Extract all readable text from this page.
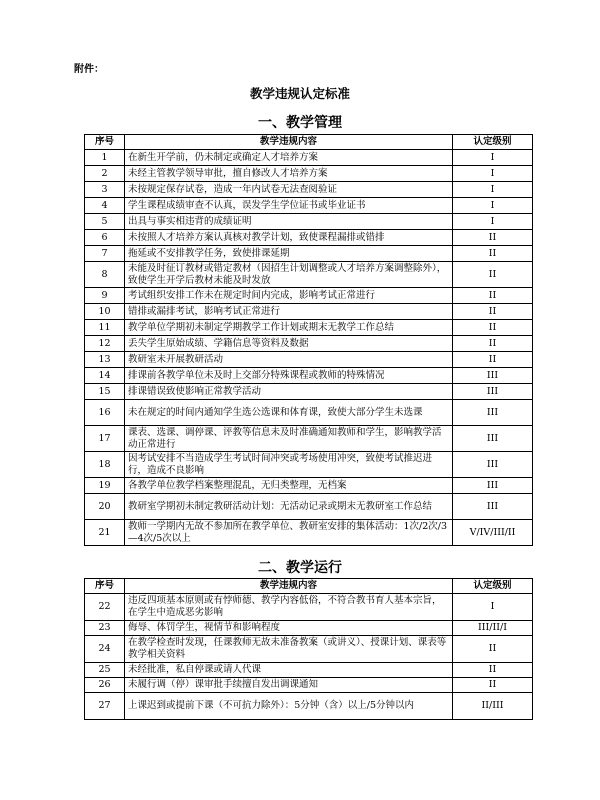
附件：
教学违规认定标准
一、教学管理
序号	教学违规内容	认定级别
1	在新生开学前，仍未制定或确定人才培养方案	I
2	未经主管教学领导审批，擅自修改人才培养方案	I
3	未按规定保存试卷，造成一年内试卷无法查阅验证	I
4	学生课程成绩审查不认真，误发学生学位证书或毕业证书	I
5	出具与事实相违背的成绩证明	I
6	未按照人才培养方案认真核对教学计划，致使课程漏排或错排	II
7	拖延或不安排教学任务，致使排课延期	II
8	未能及时征订教材或错定教材（因招生计划调整或人才培养方案调整除外），致使学生开学后教材未能及时发放	II
9	考试组织安排工作未在规定时间内完成，影响考试正常进行	II
10	错排或漏排考试，影响考试正常进行	II
11	教学单位学期初未制定学期教学工作计划或期末无教学工作总结	II
12	丢失学生原始成绩、学籍信息等资料及数据	II
13	教研室未开展教研活动	II
14	排课前各教学单位未及时上交部分特殊课程或教师的特殊情况	III
15	排课错误致使影响正常教学活动	III
16	未在规定的时间内通知学生选公选课和体育课，致使大部分学生未选课	III
17	课表、选课、调停课、评教等信息未及时准确通知教师和学生，影响教学活动正常进行	III
18	因考试安排不当造成学生考试时间冲突或考场使用冲突，致使考试推迟进行，造成不良影响	III
19	各教学单位教学档案整理混乱，无归类整理，无档案	III
20	教研室学期初未制定教研活动计划：无活动记录或期末无教研室工作总结	III
21	教师一学期内无故不参加所在教学单位、教研室安排的集体活动：1次/2次/3—4次/5次以上	V/IV/III/II
二、教学运行
序号	教学违规内容	认定级别
22	违反四项基本原则或有悖师德、教学内容低俗，不符合教书育人基本宗旨，在学生中造成恶劣影响	I
23	侮辱、体罚学生，视情节和影响程度	III/II/I
24	在教学检查时发现，任课教师无故未准备教案（或讲义）、授课计划、课表等教学相关资料	II
25	未经批准，私自停课或请人代课	II
26	未履行调（停）课审批手续擅自发出调课通知	II
27	上课迟到或提前下课（不可抗力除外）：5分钟（含）以上/5分钟以内	II/III
